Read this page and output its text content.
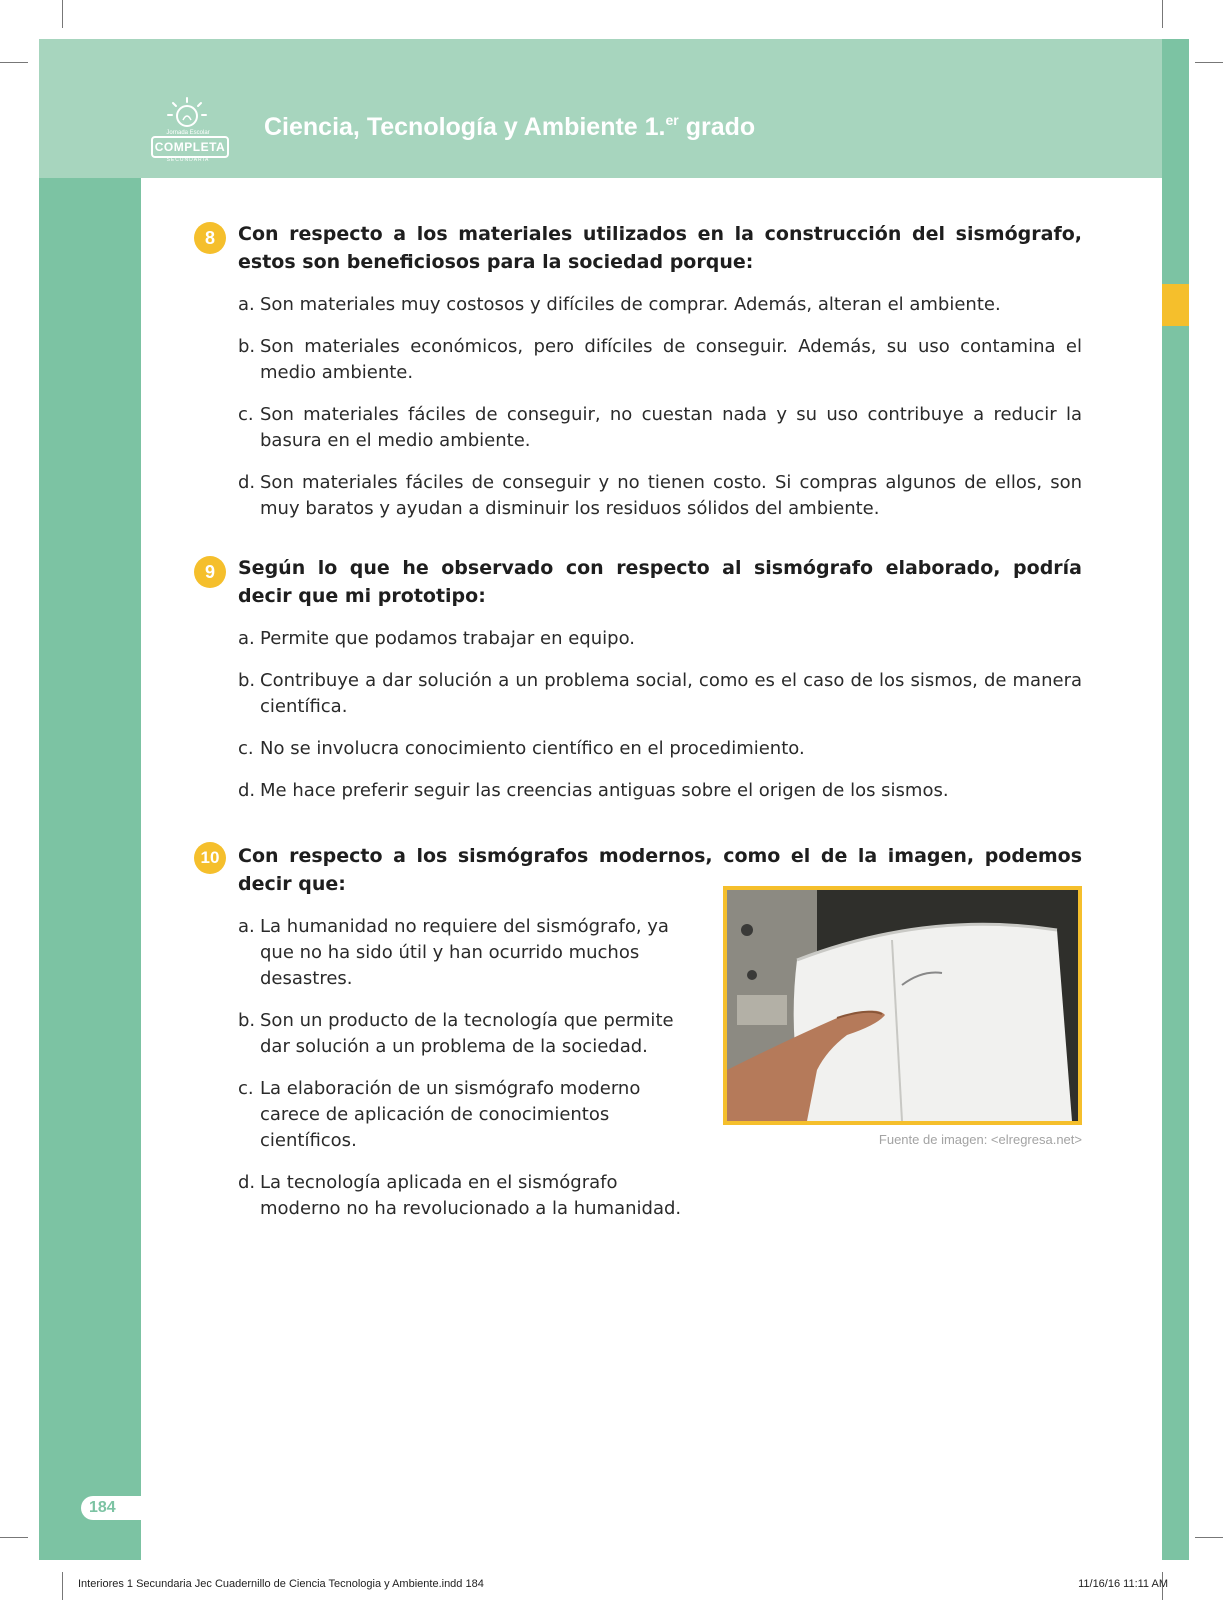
Jornada Escolar
COMPLETA
SECUNDARIA
Ciencia, Tecnología y Ambiente 1.$^{er}$ grado
8	Con respecto a los materiales utilizados en la construcción del sismógrafo, estos son beneficiosos para la sociedad porque:

a. Son materiales muy costosos y difíciles de comprar. Además, alteran el ambiente.
b. Son materiales económicos, pero difíciles de conseguir. Además, su uso contamina el medio ambiente.
c. Son materiales fáciles de conseguir, no cuestan nada y su uso contribuye a reducir la basura en el medio ambiente.
d. Son materiales fáciles de conseguir y no tienen costo. Si compras algunos de ellos, son muy baratos y ayudan a disminuir los residuos sólidos del ambiente.
9	Según lo que he observado con respecto al sismógrafo elaborado, podría decir que mi prototipo:

a. Permite que podamos trabajar en equipo.
b. Contribuye a dar solución a un problema social, como es el caso de los sismos, de manera científica.
c. No se involucra conocimiento científico en el procedimiento.
d. Me hace preferir seguir las creencias antiguas sobre el origen de los sismos.
10 Con respecto a los sismógrafos modernos, como el de la imagen, podemos decir que:

a. La humanidad no requiere del sismógrafo, ya que no ha sido útil y han ocurrido muchos desastres.
b. Son un producto de la tecnología que permite dar solución a un problema de la sociedad.
c. La elaboración de un sismógrafo moderno carece de aplicación de conocimientos científicos.
d. La tecnología aplicada en el sismógrafo moderno no ha revolucionado a la humanidad.
Fuente de imagen: <elregresa.net>
184
Interiores 1 Secundaria Jec Cuadernillo de Ciencia Tecnologia y Ambiente.indd 184	11/16/16 11:11 AM
